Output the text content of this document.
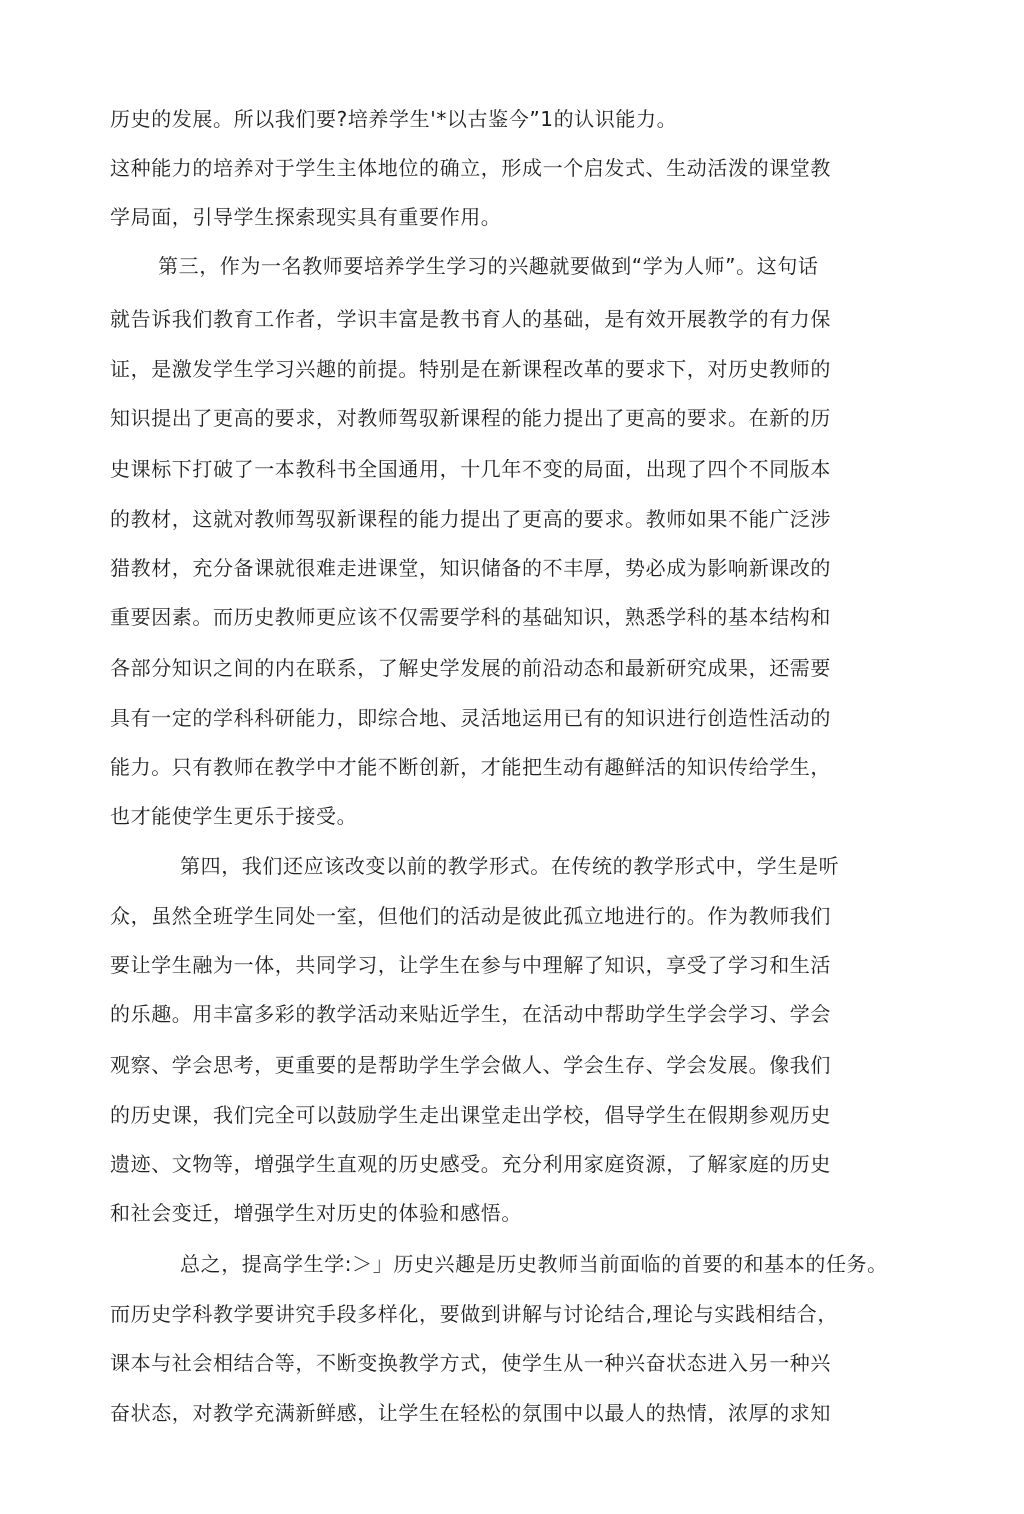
历史的发展。所以我们要?培养学生'*以古鉴今”1的认识能力。
这种能力的培养对于学生主体地位的确立，形成一个启发式、生动活泼的课堂教
学局面，引导学生探索现实具有重要作用。
第三，作为一名教师要培养学生学习的兴趣就要做到“学为人师”。这句话
就告诉我们教育工作者，学识丰富是教书育人的基础，是有效开展教学的有力保
证，是激发学生学习兴趣的前提。特别是在新课程改革的要求下，对历史教师的
知识提出了更高的要求，对教师驾驭新课程的能力提出了更高的要求。在新的历
史课标下打破了一本教科书全国通用，十几年不变的局面，出现了四个不同版本
的教材，这就对教师驾驭新课程的能力提出了更高的要求。教师如果不能广泛涉
猎教材，充分备课就很难走进课堂，知识储备的不丰厚，势必成为影响新课改的
重要因素。而历史教师更应该不仅需要学科的基础知识，熟悉学科的基本结构和
各部分知识之间的内在联系，了解史学发展的前沿动态和最新研究成果，还需要
具有一定的学科科研能力，即综合地、灵活地运用已有的知识进行创造性活动的
能力。只有教师在教学中才能不断创新，才能把生动有趣鲜活的知识传给学生，
也才能使学生更乐于接受。
第四，我们还应该改变以前的教学形式。在传统的教学形式中，学生是听
众，虽然全班学生同处一室，但他们的活动是彼此孤立地进行的。作为教师我们
要让学生融为一体，共同学习，让学生在参与中理解了知识，享受了学习和生活
的乐趣。用丰富多彩的教学活动来贴近学生，在活动中帮助学生学会学习、学会
观察、学会思考，更重要的是帮助学生学会做人、学会生存、学会发展。像我们
的历史课，我们完全可以鼓励学生走出课堂走出学校，倡导学生在假期参观历史
遗迹、文物等，增强学生直观的历史感受。充分利用家庭资源，了解家庭的历史
和社会变迁，增强学生对历史的体验和感悟。
总之，提高学生学:＞」历史兴趣是历史教师当前面临的首要的和基本的任务。
而历史学科教学要讲究手段多样化，要做到讲解与讨论结合,理论与实践相结合，
课本与社会相结合等，不断变换教学方式，使学生从一种兴奋状态进入另一种兴
奋状态，对教学充满新鲜感，让学生在轻松的氛围中以最人的热情，浓厚的求知
